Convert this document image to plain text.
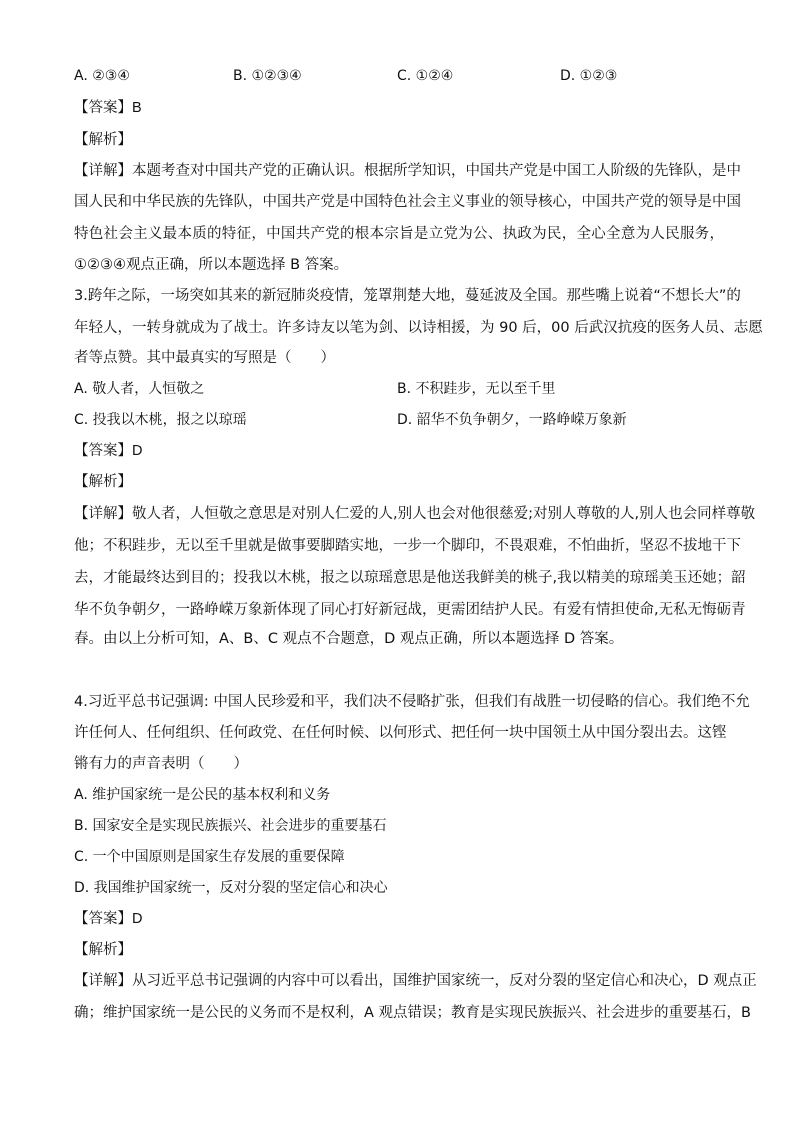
A. ②③④	B. ①②③④	C. ①②④	D. ①②③
【答案】B
【解析】
【详解】本题考查对中国共产党的正确认识。根据所学知识，中国共产党是中国工人阶级的先锋队，是中
国人民和中华民族的先锋队，中国共产党是中国特色社会主义事业的领导核心，中国共产党的领导是中国
特色社会主义最本质的特征，中国共产党的根本宗旨是立党为公、执政为民，全心全意为人民服务，
①②③④观点正确，所以本题选择 B 答案。
3.跨年之际，一场突如其来的新冠肺炎疫情，笼罩荆楚大地，蔓延波及全国。那些嘴上说着“不想长大”的
年轻人，一转身就成为了战士。许多诗友以笔为剑、以诗相援，为 90 后，00 后武汉抗疫的医务人员、志愿
者等点赞。其中最真实的写照是（　　）
A. 敬人者，人恒敬之	B. 不积跬步，无以至千里
C. 投我以木桃，报之以琼瑶	D. 韶华不负争朝夕，一路峥嵘万象新
【答案】D
【解析】
【详解】敬人者，人恒敬之意思是对别人仁爱的人,别人也会对他很慈爱;对别人尊敬的人,别人也会同样尊敬
他；不积跬步，无以至千里就是做事要脚踏实地，一步一个脚印，不畏艰难，不怕曲折，坚忍不拔地干下
去，才能最终达到目的；投我以木桃，报之以琼瑶意思是他送我鲜美的桃子,我以精美的琼瑶美玉还她；韶
华不负争朝夕，一路峥嵘万象新体现了同心打好新冠战，更需团结护人民。有爱有情担使命,无私无悔砺青
春。由以上分析可知，A、B、C 观点不合题意，D 观点正确，所以本题选择 D 答案。
4.习近平总书记强调: 中国人民珍爱和平，我们决不侵略扩张，但我们有战胜一切侵略的信心。我们绝不允
许任何人、任何组织、任何政党、在任何时候、以何形式、把任何一块中国领土从中国分裂出去。这铿
锵有力的声音表明（　　）
A. 维护国家统一是公民的基本权利和义务
B. 国家安全是实现民族振兴、社会进步的重要基石
C. 一个中国原则是国家生存发展的重要保障
D. 我国维护国家统一，反对分裂的坚定信心和决心
【答案】D
【解析】
【详解】从习近平总书记强调的内容中可以看出，国维护国家统一，反对分裂的坚定信心和决心，D 观点正
确；维护国家统一是公民的义务而不是权利，A 观点错误；教育是实现民族振兴、社会进步的重要基石，B
